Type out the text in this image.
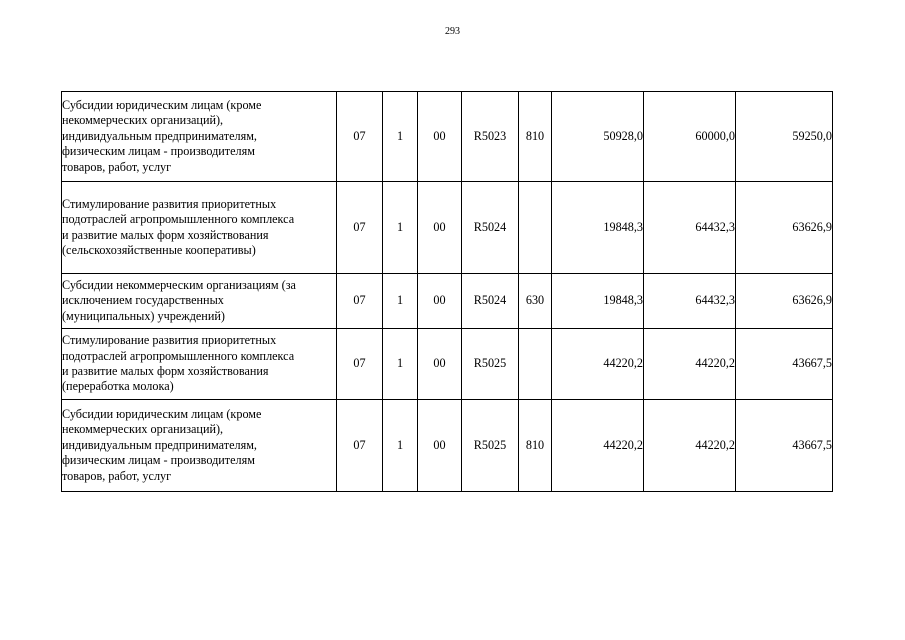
293
Субсидии юридическим лицам (кроме
некоммерческих организаций),
индивидуальным предпринимателям,
физическим лицам - производителям
товаров, работ, услуг	07	1	00	R5023	810	50928,0	60000,0	59250,0

Стимулирование развития приоритетных
подотраслей агропромышленного комплекса
и развитие малых форм хозяйствования
(сельскохозяйственные кооперативы)	07	1	00	R5024		19848,3	64432,3	63626,9

Субсидии некоммерческим организациям (за
исключением государственных
(муниципальных) учреждений)	07	1	00	R5024	630	19848,3	64432,3	63626,9

Стимулирование развития приоритетных
подотраслей агропромышленного комплекса
и развитие малых форм хозяйствования
(переработка молока)	07	1	00	R5025		44220,2	44220,2	43667,5

Субсидии юридическим лицам (кроме
некоммерческих организаций),
индивидуальным предпринимателям,
физическим лицам - производителям
товаров, работ, услуг	07	1	00	R5025	810	44220,2	44220,2	43667,5
